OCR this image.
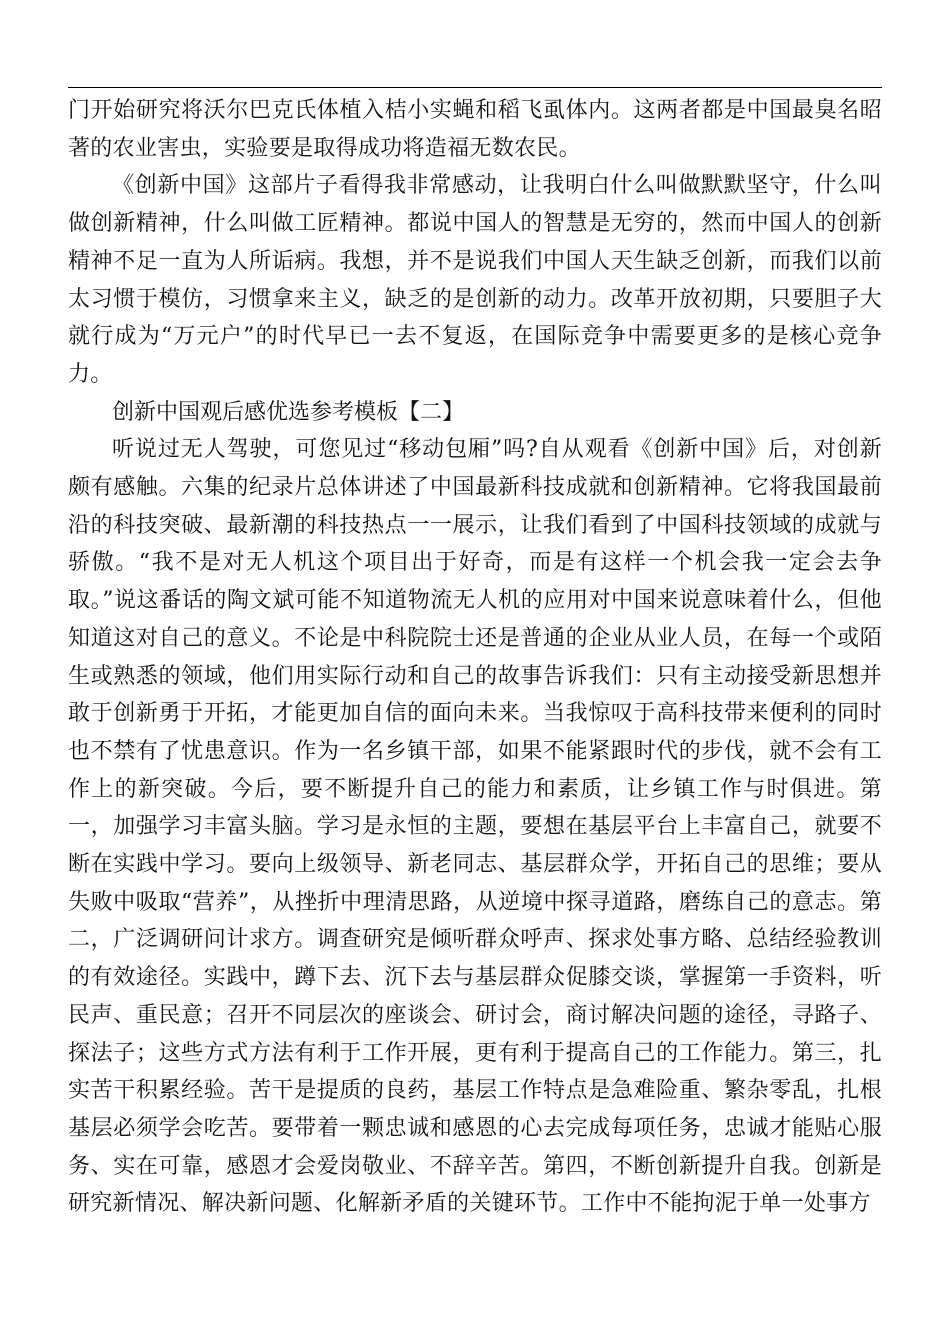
门开始研究将沃尔巴克氏体植入桔小实蝇和稻飞虱体内。这两者都是中国最臭名昭著的农业害虫，实验要是取得成功将造福无数农民。

《创新中国》这部片子看得我非常感动，让我明白什么叫做默默坚守，什么叫做创新精神，什么叫做工匠精神。都说中国人的智慧是无穷的，然而中国人的创新精神不足一直为人所诟病。我想，并不是说我们中国人天生缺乏创新，而我们以前太习惯于模仿，习惯拿来主义，缺乏的是创新的动力。改革开放初期，只要胆子大就行成为“万元户”的时代早已一去不复返，在国际竞争中需要更多的是核心竞争力。

创新中国观后感优选参考模板【二】

听说过无人驾驶，可您见过“移动包厢”吗?自从观看《创新中国》后，对创新颇有感触。六集的纪录片总体讲述了中国最新科技成就和创新精神。它将我国最前沿的科技突破、最新潮的科技热点一一展示，让我们看到了中国科技领域的成就与骄傲。“我不是对无人机这个项目出于好奇，而是有这样一个机会我一定会去争取。”说这番话的陶文斌可能不知道物流无人机的应用对中国来说意味着什么，但他知道这对自己的意义。不论是中科院院士还是普通的企业从业人员，在每一个或陌生或熟悉的领域，他们用实际行动和自己的故事告诉我们：只有主动接受新思想并敢于创新勇于开拓，才能更加自信的面向未来。当我惊叹于高科技带来便利的同时也不禁有了忧患意识。作为一名乡镇干部，如果不能紧跟时代的步伐，就不会有工作上的新突破。今后，要不断提升自己的能力和素质，让乡镇工作与时俱进。第一，加强学习丰富头脑。学习是永恒的主题，要想在基层平台上丰富自己，就要不断在实践中学习。要向上级领导、新老同志、基层群众学，开拓自己的思维；要从失败中吸取“营养”，从挫折中理清思路，从逆境中探寻道路，磨练自己的意志。第二，广泛调研问计求方。调查研究是倾听群众呼声、探求处事方略、总结经验教训的有效途径。实践中，蹲下去、沉下去与基层群众促膝交谈，掌握第一手资料，听民声、重民意；召开不同层次的座谈会、研讨会，商讨解决问题的途径，寻路子、探法子；这些方式方法有利于工作开展，更有利于提高自己的工作能力。第三，扎实苦干积累经验。苦干是提质的良药，基层工作特点是急难险重、繁杂零乱，扎根基层必须学会吃苦。要带着一颗忠诚和感恩的心去完成每项任务，忠诚才能贴心服务、实在可靠，感恩才会爱岗敬业、不辞辛苦。第四，不断创新提升自我。创新是研究新情况、解决新问题、化解新矛盾的关键环节。工作中不能拘泥于单一处事方
